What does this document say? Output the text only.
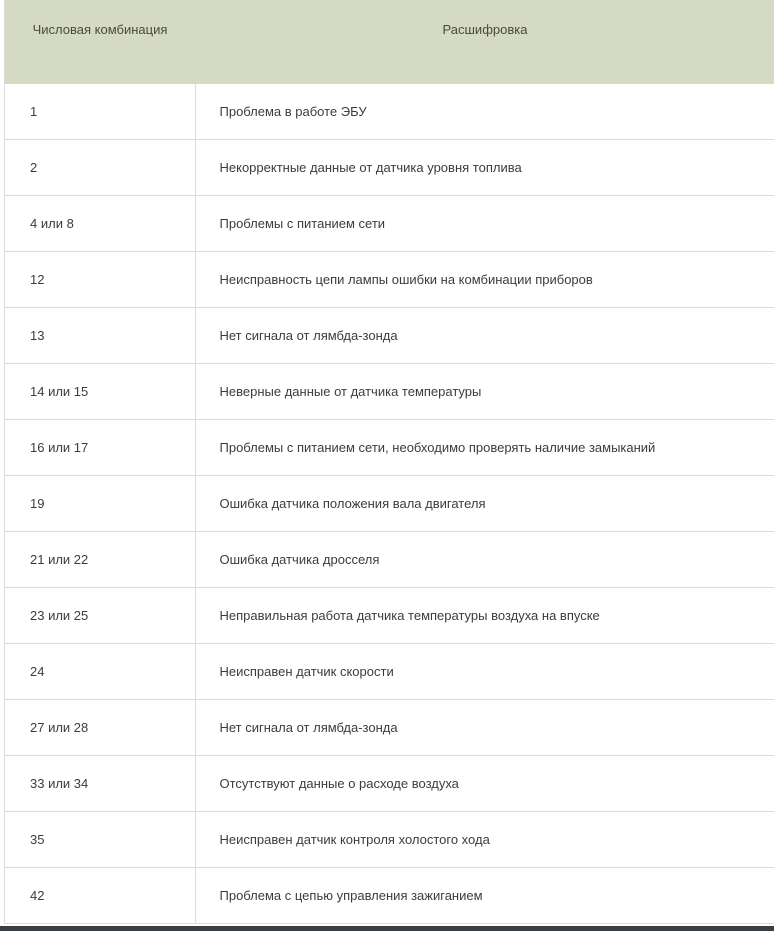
Числовая комбинация	Расшифровка

1	Проблема в работе ЭБУ
2	Некорректные данные от датчика уровня топлива
4 или 8	Проблемы с питанием сети
12	Неисправность цепи лампы ошибки на комбинации приборов
13	Нет сигнала от лямбда-зонда
14 или 15	Неверные данные от датчика температуры
16 или 17	Проблемы с питанием сети, необходимо проверять наличие замыканий
19	Ошибка датчика положения вала двигателя
21 или 22	Ошибка датчика дросселя
23 или 25	Неправильная работа датчика температуры воздуха на впуске
24	Неисправен датчик скорости
27 или 28	Нет сигнала от лямбда-зонда
33 или 34	Отсутствуют данные о расходе воздуха
35	Неисправен датчик контроля холостого хода
42	Проблема с цепью управления зажиганием
